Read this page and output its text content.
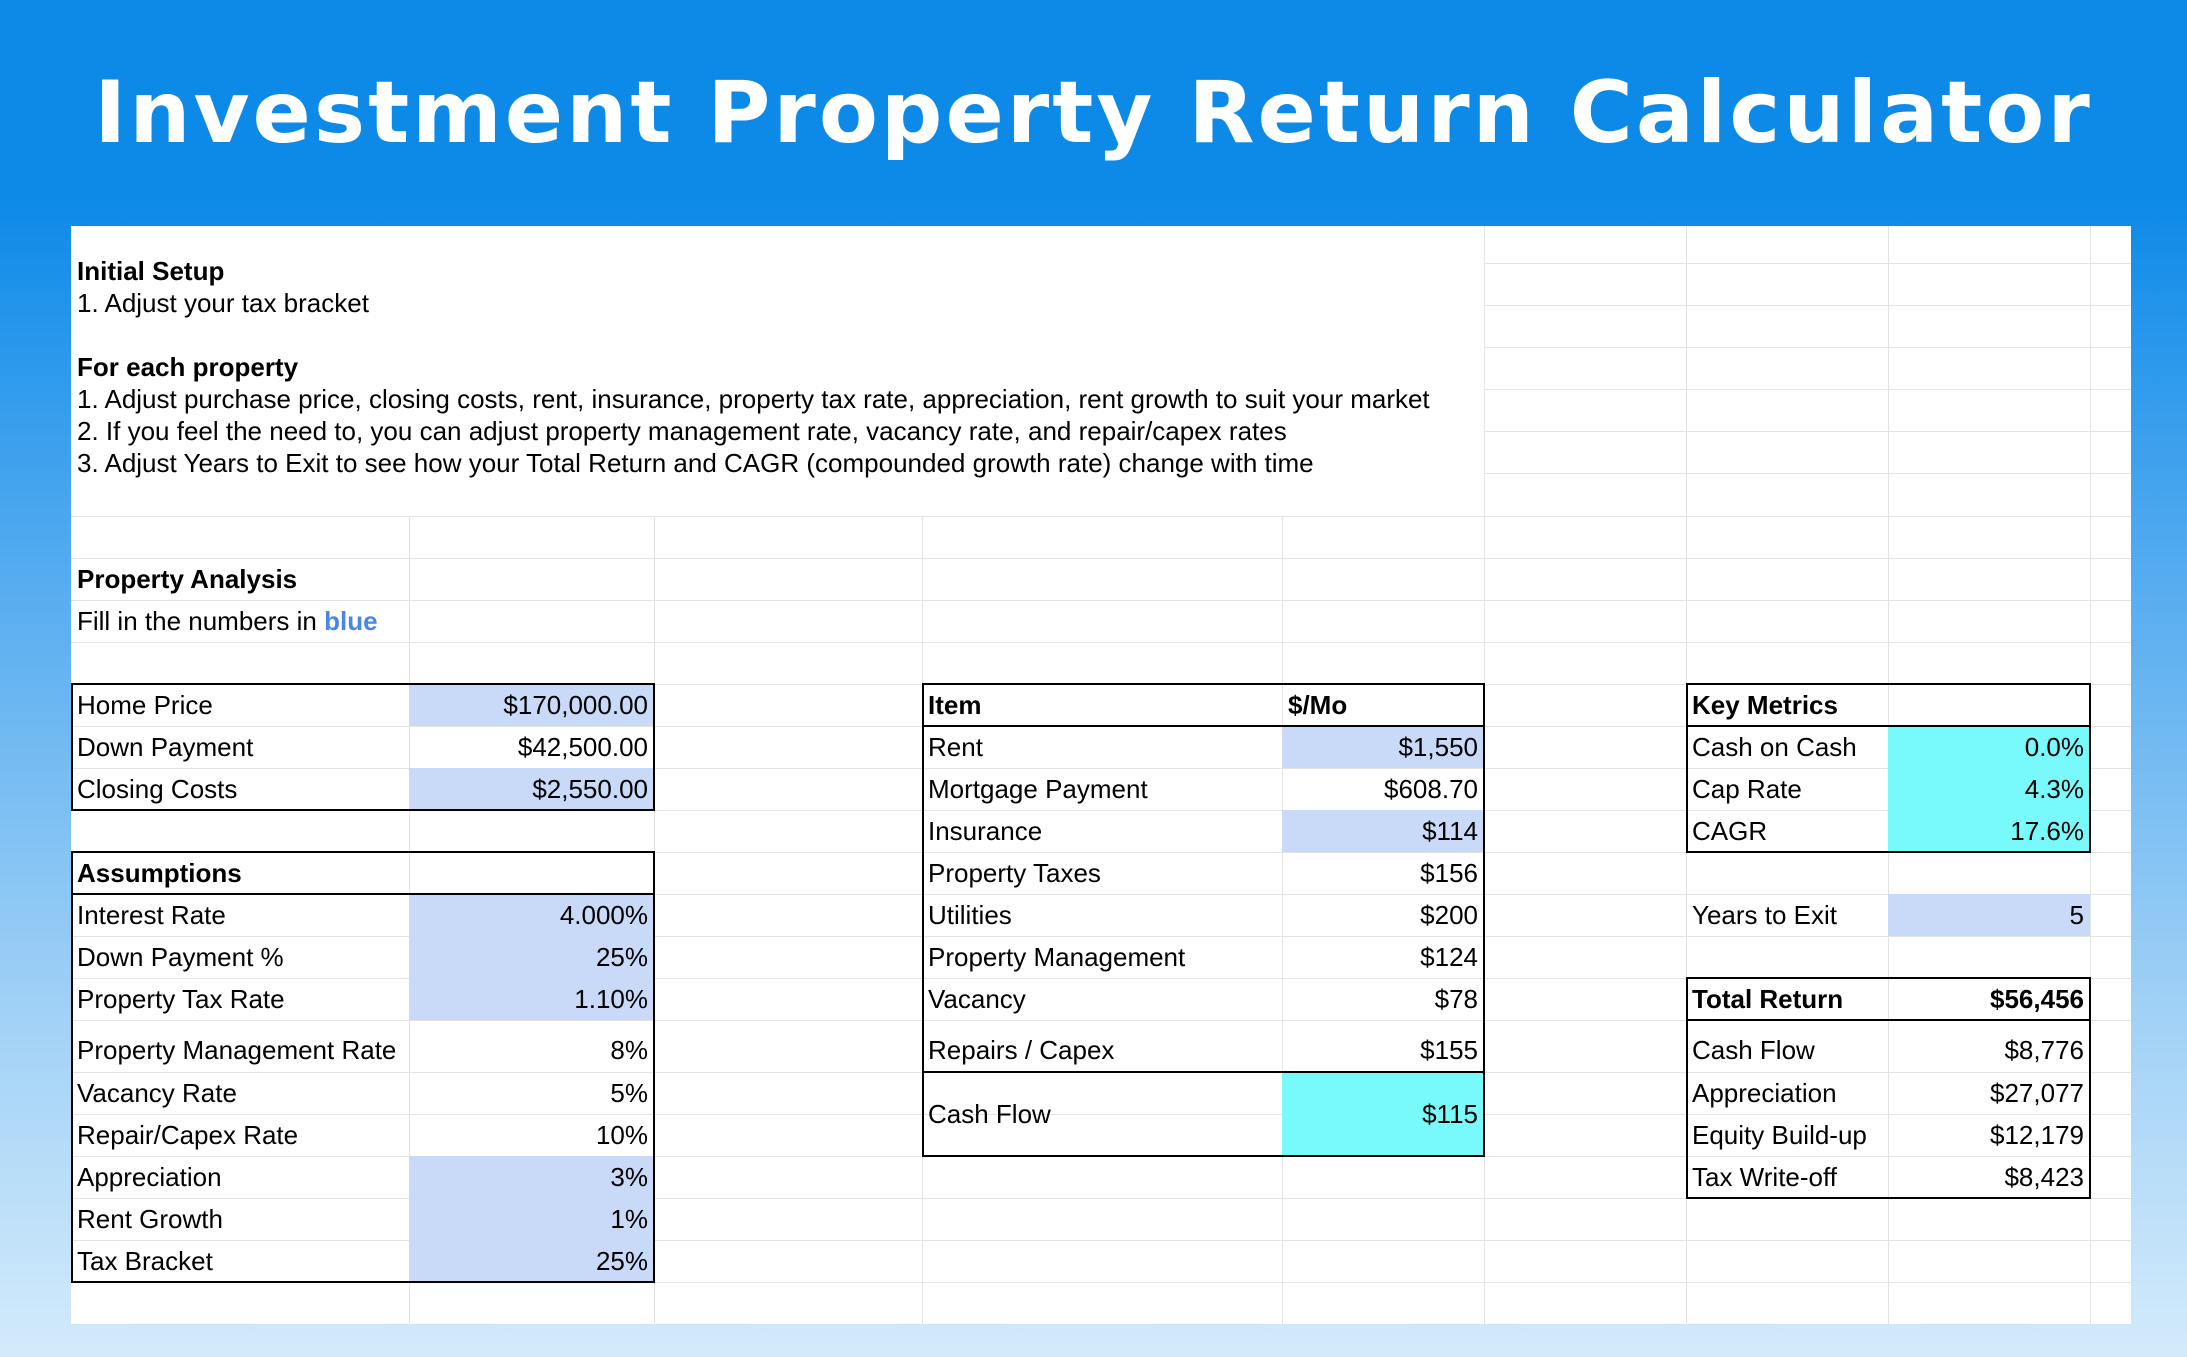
Investment Property Return Calculator
Initial Setup
1. Adjust your tax bracket
For each property
1. Adjust purchase price, closing costs, rent, insurance, property tax rate, appreciation, rent growth to suit your market
2. If you feel the need to, you can adjust property management rate, vacancy rate, and repair/capex rates
3. Adjust Years to Exit to see how your Total Return and CAGR (compounded growth rate) change with time
Property Analysis
Fill in the numbers in
blue
Home Price	$170,000.00
Down Payment	$42,500.00
Closing Costs	$2,550.00
Assumptions
Interest Rate	4.000%
Down Payment %	25%
Property Tax Rate	1.10%
Property Management Rate	8%
Vacancy Rate	5%
Repair/Capex Rate	10%
Appreciation	3%
Rent Growth	1%
Tax Bracket	25%
Item	$/Mo
Rent	$1,550
Mortgage Payment	$608.70
Insurance	$114
Property Taxes	$156
Utilities	$200
Property Management	$124
Vacancy	$78
Repairs / Capex	$155
Cash Flow	$115
Key Metrics
Cash on Cash	0.0%
Cap Rate	4.3%
CAGR	17.6%
Years to Exit	5
Total Return	$56,456
Cash Flow	$8,776
Appreciation	$27,077
Equity Build-up	$12,179
Tax Write-off	$8,423
